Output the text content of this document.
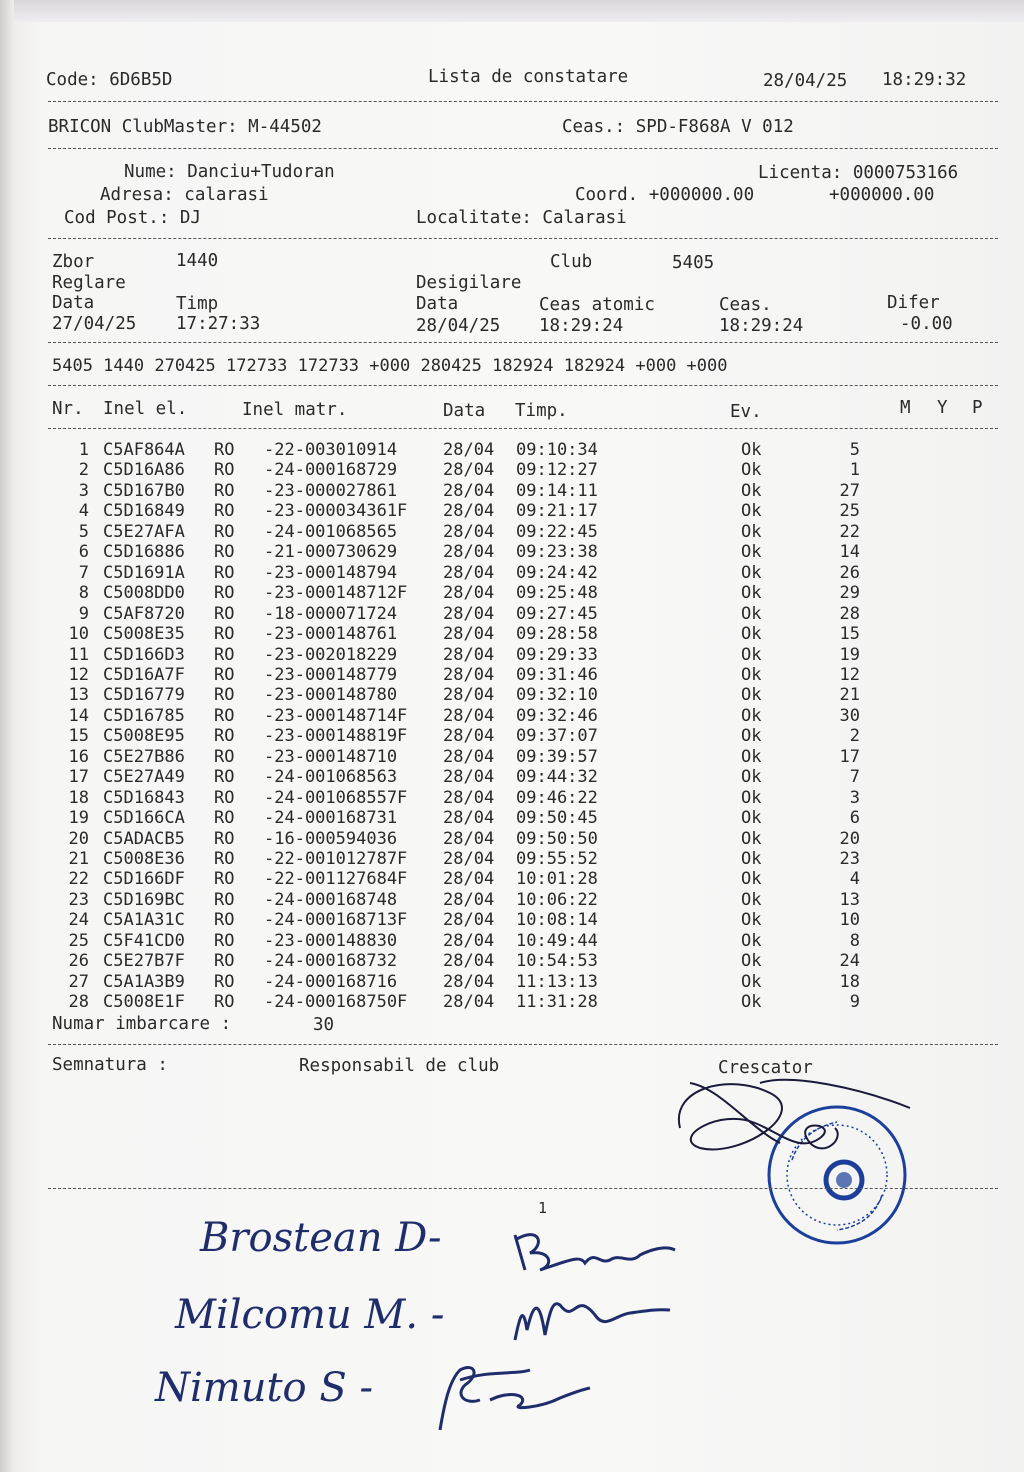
Code: 6D6B5D	Lista de constatare	28/04/25 18:29:32
BRICON ClubMaster: M-44502	Ceas.: SPD-F868A V 012
Nume: Danciu+Tudoran	Licenta: 0000753166
Adresa: calarasi	Coord. +000000.00	+000000.00
Cod Post.: DJ	Localitate: Calarasi
Zbor	1440	Club	5405
Reglare	Desigilare
Data	Timp	Data	Ceas atomic	Ceas.	Difer
27/04/25 17:27:33	28/04/25 18:29:24	18:29:24	-0.00
5405 1440 270425 172733 172733 +000 280425 182924 182924 +000 +000
Nr. Inel el.	Inel matr.	Data Timp.	Ev.	M Y P
1 C5AF864A RO -22-003010914	28/04 09:10:34	Ok	5
2 C5D16A86 RO -24-000168729	28/04 09:12:27	Ok	1
3 C5D167B0 RO -23-000027861	28/04 09:14:11	Ok	27
4 C5D16849 RO -23-000034361F 28/04 09:21:17	Ok	25
5 C5E27AFA RO -24-001068565	28/04 09:22:45	Ok	22
6 C5D16886 RO -21-000730629	28/04 09:23:38	Ok	14
7 C5D1691A RO -23-000148794	28/04 09:24:42	Ok	26
8 C5008DD0 RO -23-000148712F 28/04 09:25:48	Ok	29
9 C5AF8720 RO -18-000071724	28/04 09:27:45	Ok	28
10 C5008E35 RO -23-000148761	28/04 09:28:58	Ok	15
11 C5D166D3 RO -23-002018229	28/04 09:29:33	Ok	19
12 C5D16A7F RO -23-000148779	28/04 09:31:46	Ok	12
13 C5D16779 RO -23-000148780	28/04 09:32:10	Ok	21
14 C5D16785 RO -23-000148714F 28/04 09:32:46	Ok	30
15 C5008E95 RO -23-000148819F 28/04 09:37:07	Ok	2
16 C5E27B86 RO -23-000148710	28/04 09:39:57	Ok	17
17 C5E27A49 RO -24-001068563	28/04 09:44:32	Ok	7
18 C5D16843 RO -24-001068557F 28/04 09:46:22	Ok	3
19 C5D166CA RO -24-000168731	28/04 09:50:45	Ok	6
20 C5ADACB5 RO -16-000594036	28/04 09:50:50	Ok	20
21 C5008E36 RO -22-001012787F 28/04 09:55:52	Ok	23
22 C5D166DF RO -22-001127684F 28/04 10:01:28	Ok	4
23 C5D169BC RO -24-000168748	28/04 10:06:22	Ok	13
24 C5A1A31C RO -24-000168713F 28/04 10:08:14	Ok	10
25 C5F41CD0 RO -23-000148830	28/04 10:49:44	Ok	8
26 C5E27B7F RO -24-000168732	28/04 10:54:53	Ok	24
27 C5A1A3B9 RO -24-000168716	28/04 11:13:13	Ok	18
28 C5008E1F RO -24-000168750F 28/04 11:31:28	Ok	9
Numar imbarcare :	30
Semnatura :	Responsabil de club	Crescator
1
Brostean D-
Milcomu M. -
Nimuto S -
